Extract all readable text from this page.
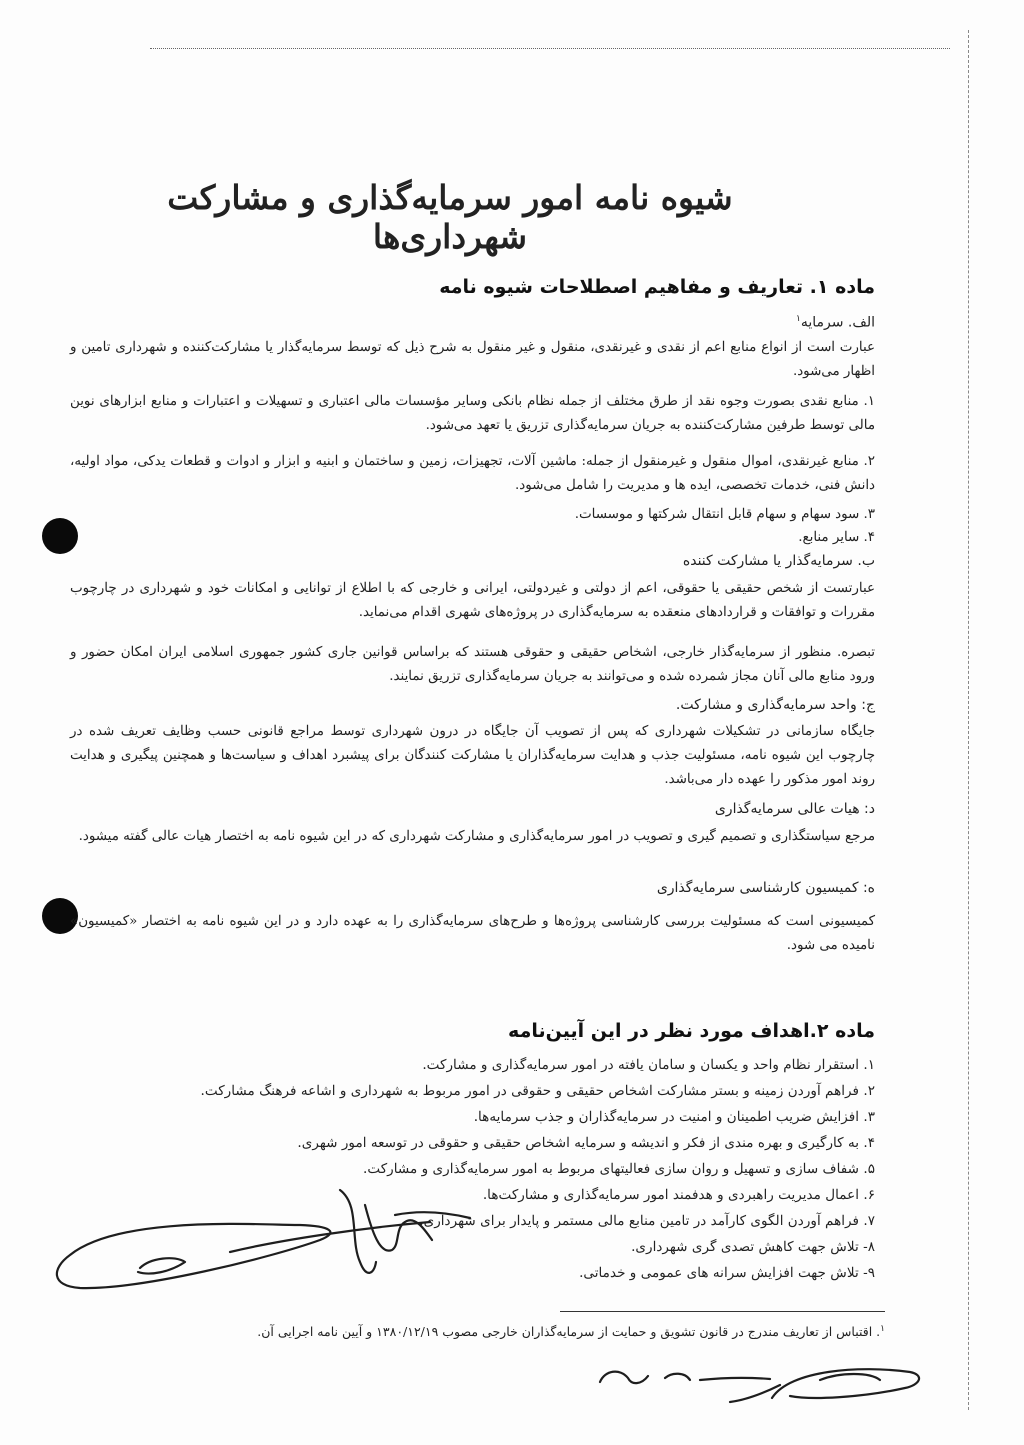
شیوه نامه امور سرمایه‌گذاری و مشارکت شهرداری‌ها
ماده ۱. تعاریف و مفاهیم اصطلاحات شیوه نامه

الف. سرمایه$^۱$

عبارت است از انواع منابع اعم از نقدی و غیرنقدی، منقول و غیر منقول به شرح ذیل که توسط سرمایه‌گذار یا مشارکت‌کننده و شهرداری تامین و اظهار می‌شود.

۱. منابع نقدی بصورت وجوه نقد از طرق مختلف از جمله نظام بانکی وسایر مؤسسات مالی اعتباری و تسهیلات و اعتبارات و منابع ابزارهای نوین مالی توسط طرفین مشارکت‌کننده به جریان سرمایه‌گذاری تزریق یا تعهد می‌شود.

۲. منابع غیرنقدی، اموال منقول و غیرمنقول از جمله: ماشین آلات، تجهیزات، زمین و ساختمان و ابنیه و ابزار و ادوات و قطعات یدکی، مواد اولیه، دانش فنی، خدمات تخصصی، ایده ها و مدیریت را شامل می‌شود.

۳. سود سهام و سهام قابل انتقال شرکتها و موسسات.

۴. سایر منابع.

ب. سرمایه‌گذار یا مشارکت کننده

عبارتست از شخص حقیقی یا حقوقی، اعم از دولتی و غیردولتی، ایرانی و خارجی که با اطلاع از توانایی و امکانات خود و شهرداری در چارچوب مقررات و توافقات و قراردادهای منعقده به سرمایه‌گذاری در پروژه‌های شهری اقدام می‌نماید.

تبصره. منظور از سرمایه‌گذار خارجی، اشخاص حقیقی و حقوقی هستند که براساس قوانین جاری کشور جمهوری اسلامی ایران امکان حضور و ورود منابع مالی آنان مجاز شمرده شده و می‌توانند به جریان سرمایه‌گذاری تزریق نمایند.

ج: واحد سرمایه‌گذاری و مشارکت.

جایگاه سازمانی در تشکیلات شهرداری که پس از تصویب آن جایگاه در درون شهرداری توسط مراجع قانونی حسب وظایف تعریف شده در چارچوب این شیوه نامه، مسئولیت جذب و هدایت سرمایه‌گذاران یا مشارکت کنندگان برای پیشبرد اهداف و سیاست‌ها و همچنین پیگیری و هدایت روند امور مذکور را عهده دار می‌باشد.

د: هیات عالی سرمایه‌گذاری

مرجع سیاستگذاری و تصمیم گیری و تصویب در امور سرمایه‌گذاری و مشارکت شهرداری که در این شیوه نامه به اختصار هیات عالی گفته میشود.

ه: کمیسیون کارشناسی سرمایه‌گذاری

کمیسیونی است که مسئولیت بررسی کارشناسی پروژه‌ها و طرح‌های سرمایه‌گذاری را به عهده دارد و در این شیوه نامه به اختصار «کمیسیون» نامیده می شود.

ماده ۲.اهداف مورد نظر در این آیین‌نامه

۱. استقرار نظام واحد و یکسان و سامان یافته در امور سرمایه‌گذاری و مشارکت.

۲. فراهم آوردن زمینه و بستر مشارکت اشخاص حقیقی و حقوقی در امور مربوط به شهرداری و اشاعه فرهنگ مشارکت.

۳. افزایش ضریب اطمینان و امنیت در سرمایه‌گذاران و جذب سرمایه‌ها.

۴. به کارگیری و بهره مندی از فکر و اندیشه و سرمایه اشخاص حقیقی و حقوقی در توسعه امور شهری.

۵. شفاف سازی و تسهیل و روان سازی فعالیتهای مربوط به امور سرمایه‌گذاری و مشارکت.

۶. اعمال مدیریت راهبردی و هدفمند امور سرمایه‌گذاری و مشارکت‌ها.

۷. فراهم آوردن الگوی کارآمد در تامین منابع مالی مستمر و پایدار برای شهرداری.

۸- تلاش جهت کاهش تصدی گری شهرداری.

۹- تلاش جهت افزایش سرانه های عمومی و خدماتی.

$^۱$. اقتباس از تعاریف مندرج در قانون تشویق و حمایت از سرمایه‌گذاران خارجی مصوب ۱۳۸۰/۱۲/۱۹ و آیین نامه اجرایی آن.
